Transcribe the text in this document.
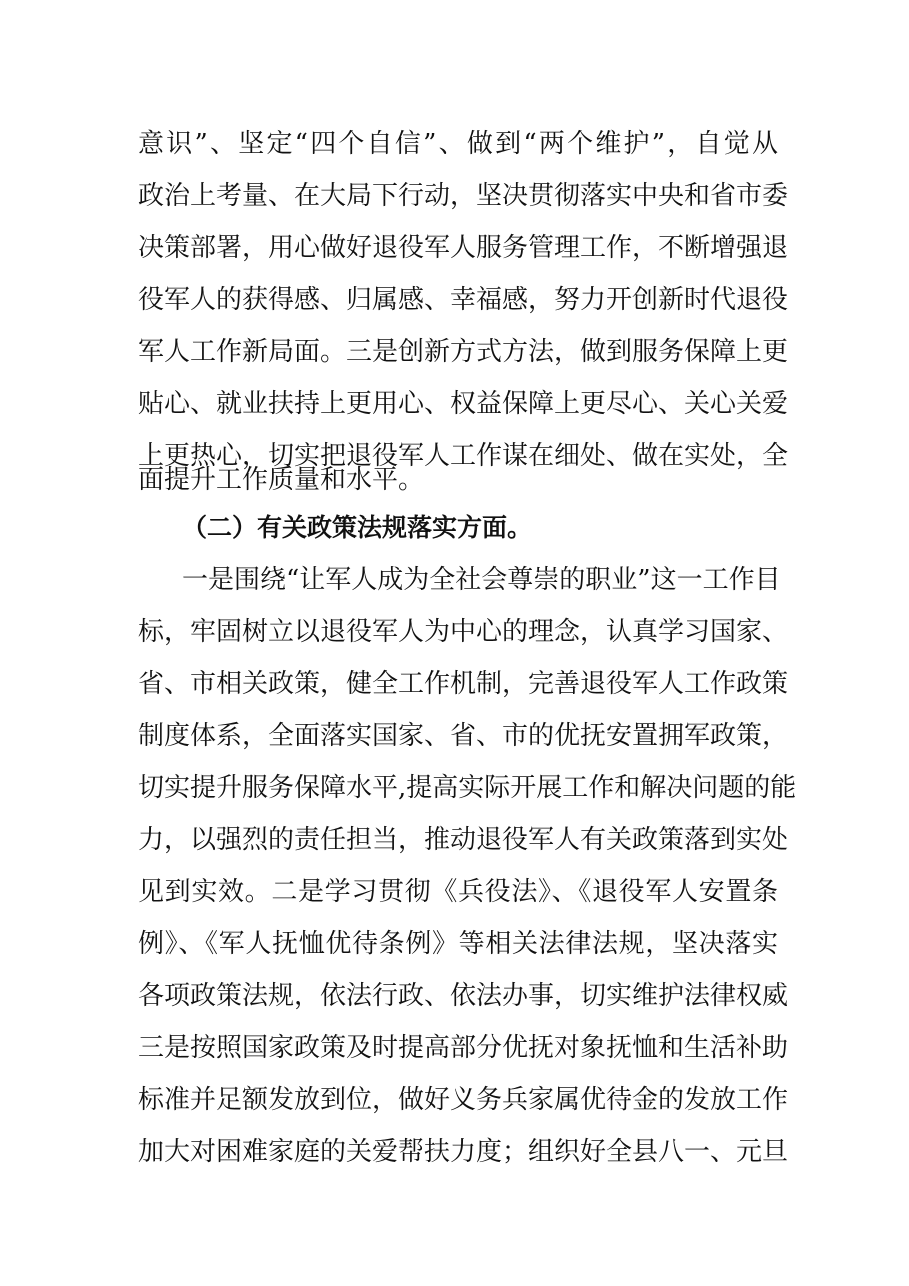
意识”、坚定“四个自信”、做到“两个维护”，自觉从
政治上考量、在大局下行动，坚决贯彻落实中央和省市委
决策部署，用心做好退役军人服务管理工作，不断增强退
役军人的获得感、归属感、幸福感，努力开创新时代退役
军人工作新局面。三是创新方式方法，做到服务保障上更
贴心、就业扶持上更用心、权益保障上更尽心、关心关爱
上更热心，切实把退役军人工作谋在细处、做在实处，全
面提升工作质量和水平。
（二）有关政策法规落实方面。
一是围绕“让军人成为全社会尊崇的职业”这一工作目
标，牢固树立以退役军人为中心的理念，认真学习国家、
省、市相关政策，健全工作机制，完善退役军人工作政策
制度体系，全面落实国家、省、市的优抚安置拥军政策，
切实提升服务保障水平,提高实际开展工作和解决问题的能
力，以强烈的责任担当，推动退役军人有关政策落到实处
见到实效。二是学习贯彻《兵役法》、《退役军人安置条
例》、《军人抚恤优待条例》等相关法律法规，坚决落实
各项政策法规，依法行政、依法办事，切实维护法律权威
三是按照国家政策及时提高部分优抚对象抚恤和生活补助
标准并足额发放到位，做好义务兵家属优待金的发放工作
加大对困难家庭的关爱帮扶力度；组织好全县八一、元旦
